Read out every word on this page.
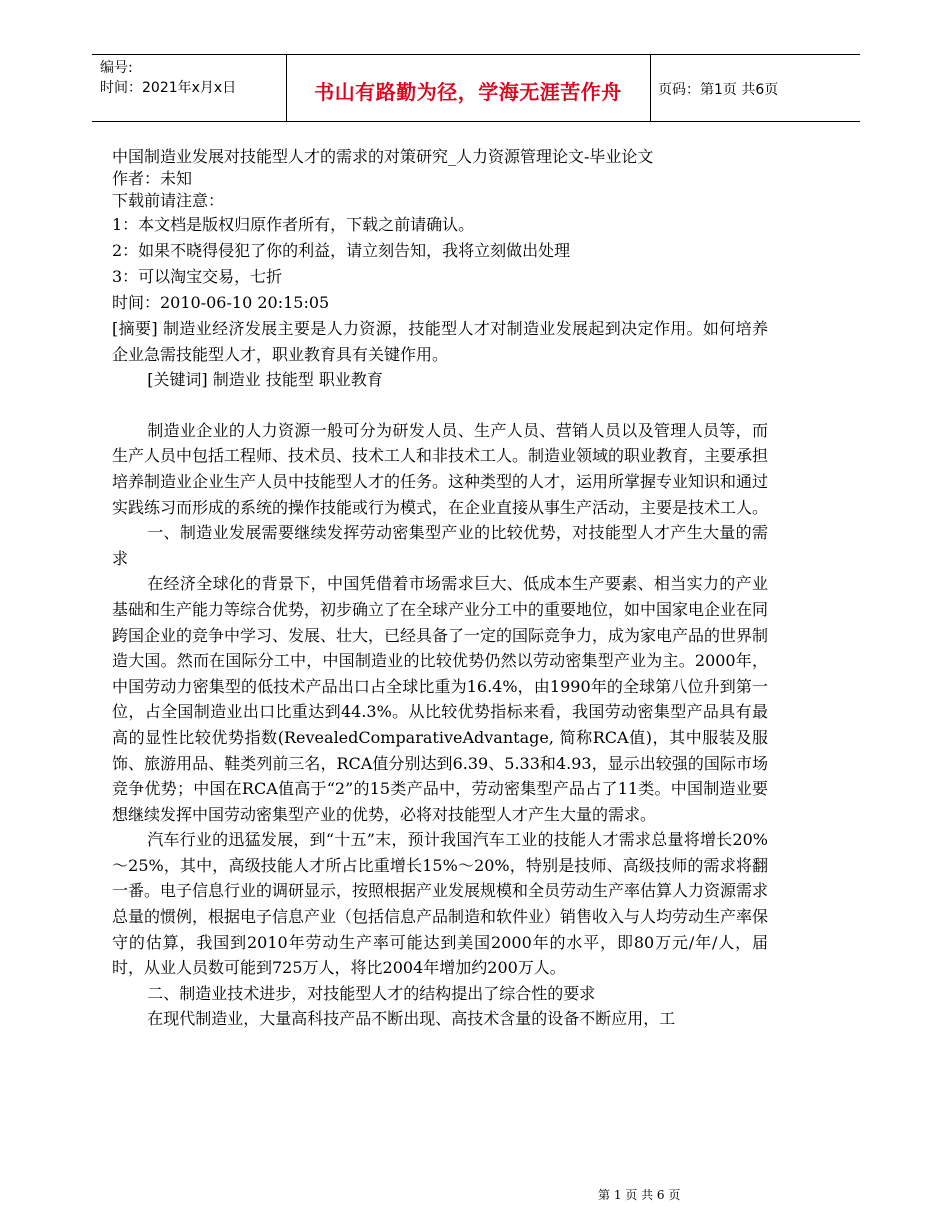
编号:
时间：2021年x月x日	书山有路勤为径，学海无涯苦作舟	页码：第1页 共6页
中国制造业发展对技能型人才的需求的对策研究_人力资源管理论文-毕业论文
作者：未知
下载前请注意：
1：本文档是版权归原作者所有，下载之前请确认。
2：如果不晓得侵犯了你的利益，请立刻告知，我将立刻做出处理
3：可以淘宝交易，七折
时间：2010-06-10 20:15:05

[摘要] 制造业经济发展主要是人力资源，技能型人才对制造业发展起到决定作用。如何培养企业急需技能型人才，职业教育具有关键作用。

[关键词] 制造业 技能型 职业教育

制造业企业的人力资源一般可分为研发人员、生产人员、营销人员以及管理人员等，而生产人员中包括工程师、技术员、技术工人和非技术工人。制造业领域的职业教育，主要承担培养制造业企业生产人员中技能型人才的任务。这种类型的人才，运用所掌握专业知识和通过实践练习而形成的系统的操作技能或行为模式，在企业直接从事生产活动，主要是技术工人。

一、制造业发展需要继续发挥劳动密集型产业的比较优势，对技能型人才产生大量的需求

在经济全球化的背景下，中国凭借着市场需求巨大、低成本生产要素、相当实力的产业基础和生产能力等综合优势，初步确立了在全球产业分工中的重要地位，如中国家电企业在同跨国企业的竞争中学习、发展、壮大，已经具备了一定的国际竞争力，成为家电产品的世界制造大国。然而在国际分工中，中国制造业的比较优势仍然以劳动密集型产业为主。2000年，中国劳动力密集型的低技术产品出口占全球比重为16.4%，由1990年的全球第八位升到第一位，占全国制造业出口比重达到44.3%。从比较优势指标来看，我国劳动密集型产品具有最高的显性比较优势指数(RevealedComparativeAdvantage, 简称RCA值)，其中服装及服饰、旅游用品、鞋类列前三名，RCA值分别达到6.39、5.33和4.93，显示出较强的国际市场竞争优势；中国在RCA值高于“2”的15类产品中，劳动密集型产品占了11类。中国制造业要想继续发挥中国劳动密集型产业的优势，必将对技能型人才产生大量的需求。

汽车行业的迅猛发展，到“十五”末，预计我国汽车工业的技能人才需求总量将增长20%～25%，其中，高级技能人才所占比重增长15%～20%，特别是技师、高级技师的需求将翻一番。电子信息行业的调研显示，按照根据产业发展规模和全员劳动生产率估算人力资源需求总量的惯例，根据电子信息产业（包括信息产品制造和软件业）销售收入与人均劳动生产率保守的估算，我国到2010年劳动生产率可能达到美国2000年的水平，即80万元/年/人，届时，从业人员数可能到725万人，将比2004年增加约200万人。

二、制造业技术进步，对技能型人才的结构提出了综合性的要求

在现代制造业，大量高科技产品不断出现、高技术含量的设备不断应用，工

第 1 页 共 6 页
